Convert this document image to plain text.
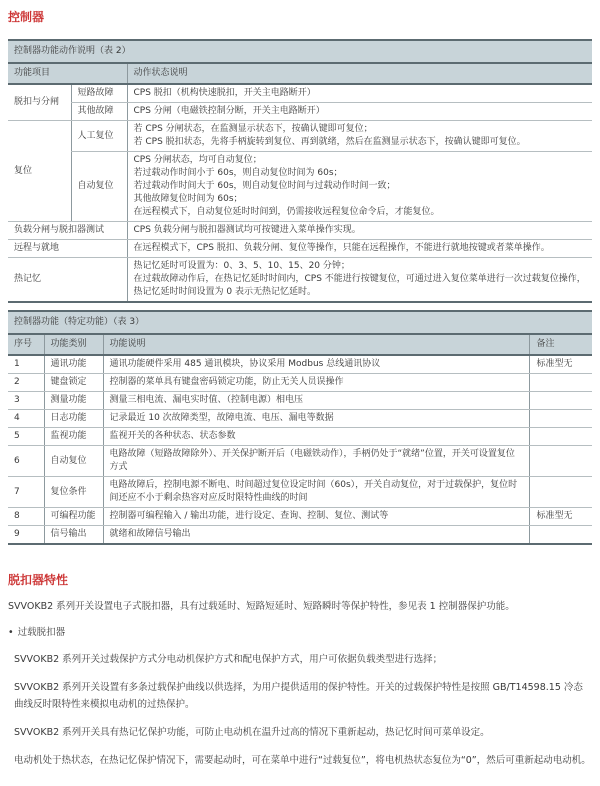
控制器
控制器功能动作说明（表 2）		
功能项目		动作状态说明
脱扣与分闸	短路故障	CPS 脱扣（机构快速脱扣，开关主电路断开）
	其他故障	CPS 分闸（电磁铁控制分断，开关主电路断开）
复位	人工复位	若 CPS 分闸状态，在监测显示状态下，按确认键即可复位；
若 CPS 脱扣状态，先将手柄旋转到复位、再到就绪，然后在监测显示状态下，按确认键即可复位。

	自动复位	CPS 分闸状态，均可自动复位；
若过载动作时间小于 60s，则自动复位时间为 60s；
若过载动作时间大于 60s，则自动复位时间与过载动作时间一致；
其他故障复位时间为 60s；
在远程模式下，自动复位延时时间到，仍需接收远程复位命令后，才能复位。

负载分闸与脱扣器测试		CPS 负载分闸与脱扣器测试均可按键进入菜单操作实现。

远程与就地		在远程模式下，CPS 脱扣、负载分闸、复位等操作，只能在远程操作，不能进行就地按键或者菜单操作。

热记忆		热记忆延时可设置为：0、3、5、10、15、20 分钟；
在过载故障动作后，在热记忆延时时间内，CPS 不能进行按键复位，可通过进入复位菜单进行一次过载复位操作，热记忆延时时间设置为 0 表示无热记忆延时。
控制器功能（特定功能）（表 3）			
序号	功能类别	功能说明	备注
1	通讯功能	通讯功能硬件采用 485 通讯模块，协议采用 Modbus 总线通讯协议	标准型无
2	键盘锁定	控制器的菜单具有键盘密码锁定功能，防止无关人员误操作	
3	测量功能	测量三相电流、漏电实时值、（控制电源）相电压	
4	日志功能	记录最近 10 次故障类型，故障电流、电压、漏电等数据	
5	监视功能	监视开关的各种状态、状态参数	
6	自动复位	电路故障（短路故障除外）、开关保护断开后（电磁铁动作），手柄仍处于“就绪”位置，开关可设置复位方式	
7	复位条件	电路故障后，控制电源不断电、时间超过复位设定时间（60s），开关自动复位，对于过载保护，复位时间还应不小于剩余热容对应反时限特性曲线的时间	
8	可编程功能	控制器可编程输入 / 输出功能，进行设定、查询、控制、复位、测试等	标准型无
9	信号输出	就绪和故障信号输出	
脱扣器特性

SVVOKB2 系列开关设置电子式脱扣器，具有过载延时、短路短延时、短路瞬时等保护特性，参见表 1 控制器保护功能。

• 过载脱扣器

SVVOKB2 系列开关过载保护方式分电动机保护方式和配电保护方式，用户可依据负载类型进行选择；

SVVOKB2 系列开关设置有多条过载保护曲线以供选择，为用户提供适用的保护特性。开关的过载保护特性是按照 GB/T14598.15 冷态曲线反时限特性来模拟电动机的过热保护。

SVVOKB2 系列开关具有热记忆保护功能，可防止电动机在温升过高的情况下重新起动，热记忆时间可菜单设定。

电动机处于热状态，在热记忆保护情况下，需要起动时，可在菜单中进行“过载复位”，将电机热状态复位为“0”，然后可重新起动电动机。
